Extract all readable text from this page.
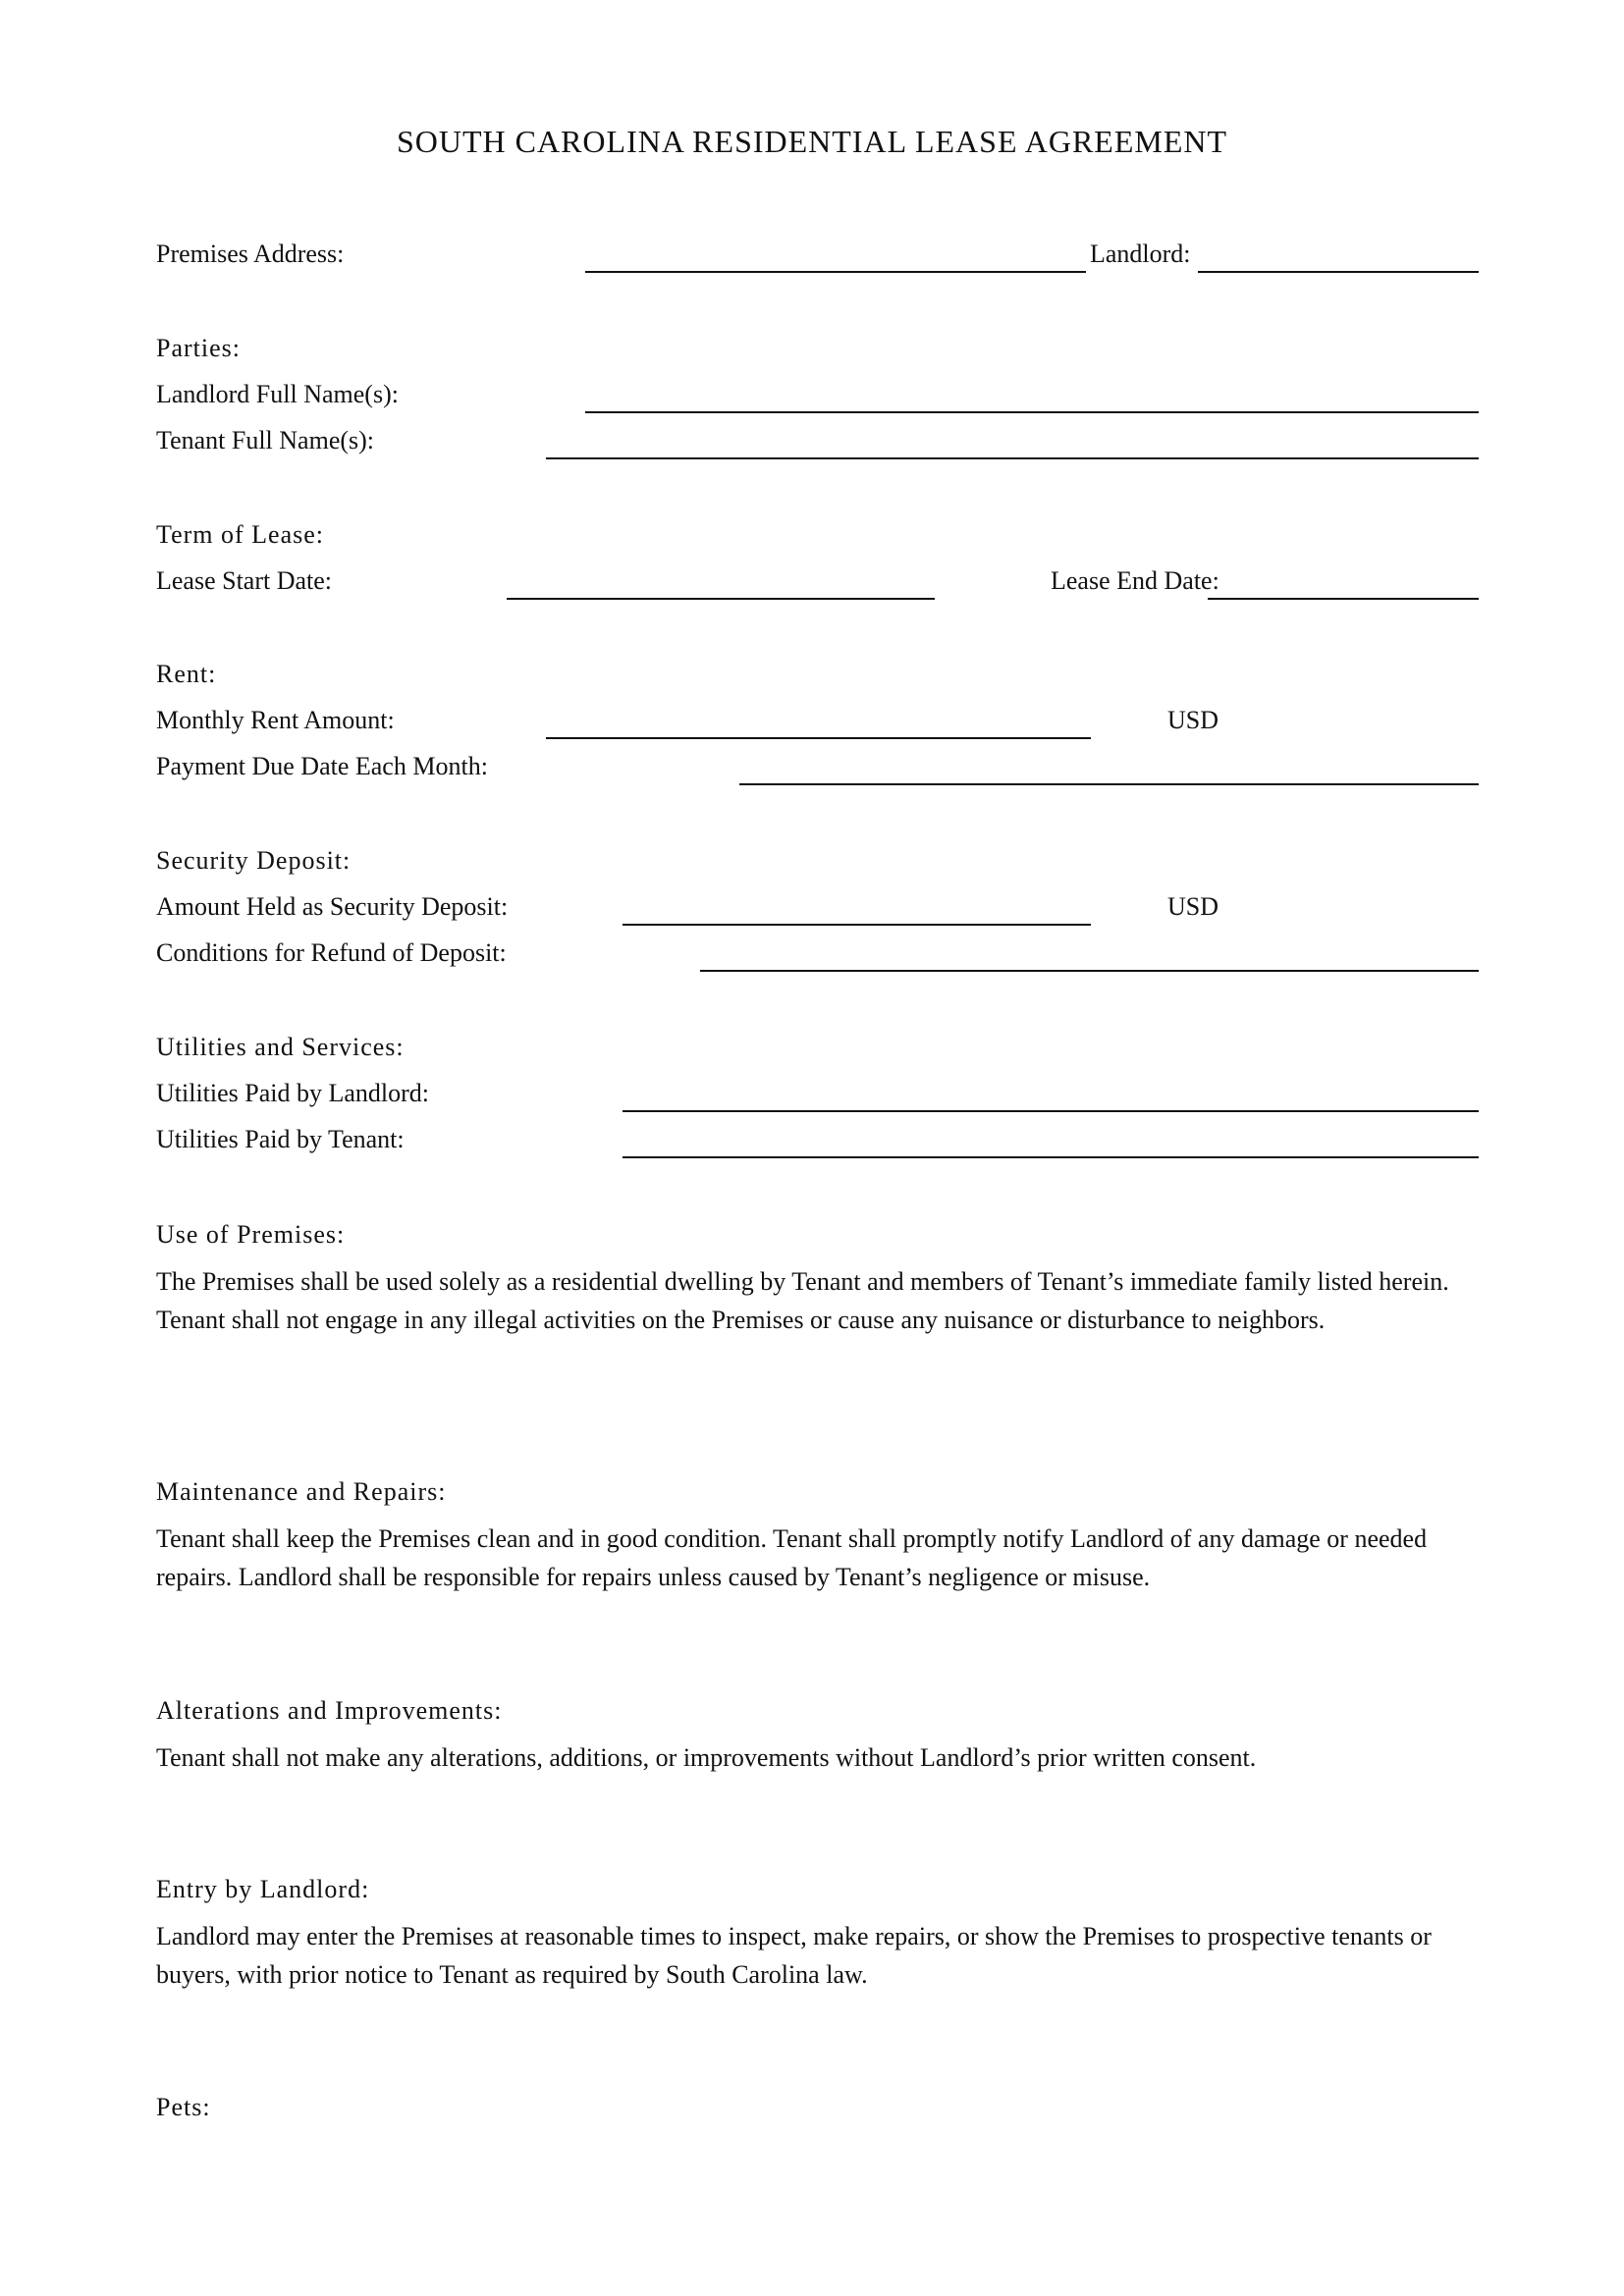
SOUTH CAROLINA RESIDENTIAL LEASE AGREEMENT
Premises Address:	Landlord:
Parties:
Landlord Full Name(s):
Tenant Full Name(s):
Term of Lease:
Lease Start Date:	Lease End Date:
Rent:
Monthly Rent Amount:	USD
Payment Due Date Each Month:
Security Deposit:
Amount Held as Security Deposit:	USD
Conditions for Refund of Deposit:
Utilities and Services:
Utilities Paid by Landlord:
Utilities Paid by Tenant:
Use of Premises:
The Premises shall be used solely as a residential dwelling by Tenant and members of Tenant’s immediate family listed herein. Tenant shall not engage in any illegal activities on the Premises or cause any nuisance or disturbance to neighbors.
Maintenance and Repairs:
Tenant shall keep the Premises clean and in good condition. Tenant shall promptly notify Landlord of any damage or needed repairs. Landlord shall be responsible for repairs unless caused by Tenant’s negligence or misuse.
Alterations and Improvements:
Tenant shall not make any alterations, additions, or improvements without Landlord’s prior written consent.
Entry by Landlord:
Landlord may enter the Premises at reasonable times to inspect, make repairs, or show the Premises to prospective tenants or buyers, with prior notice to Tenant as required by South Carolina law.
Pets:
